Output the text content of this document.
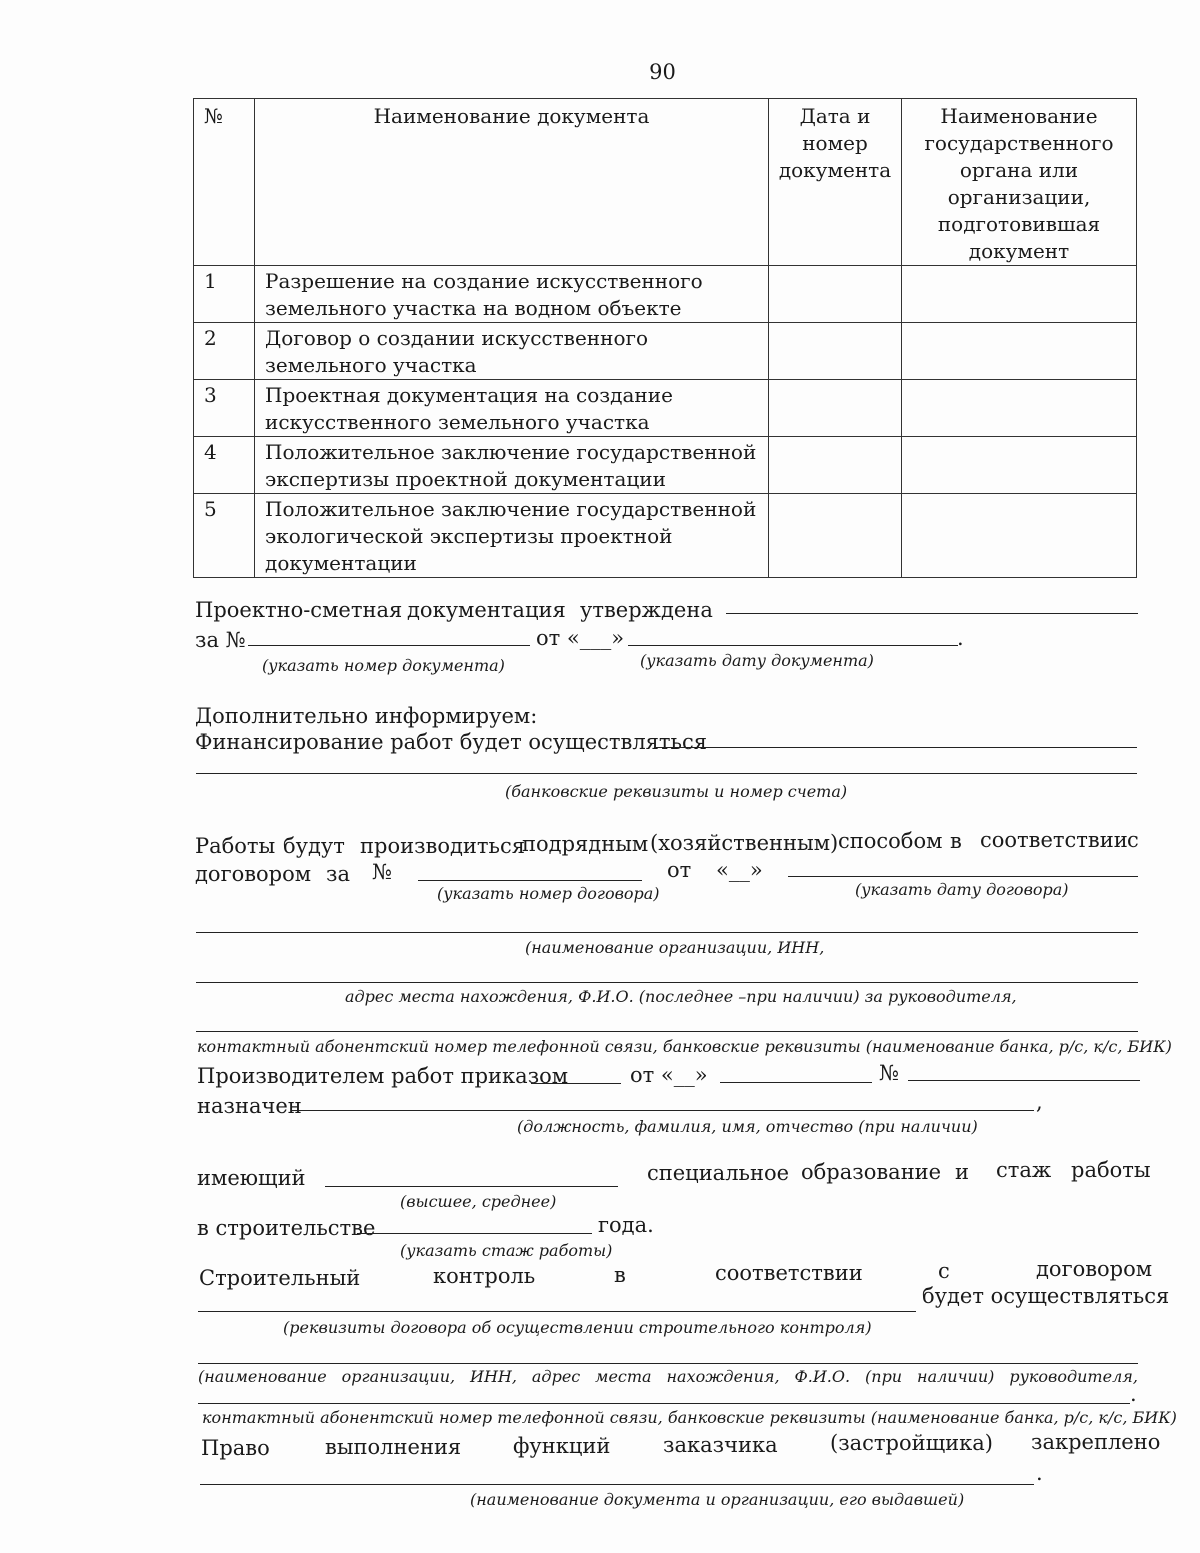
90
№	Наименование документа	Дата и номер документа	Наименование государственного органа или организации, подготовившая документ
1	Разрешение на создание искусственного земельного участка на водном объекте		
2	Договор о создании искусственного земельного участка		
3	Проектная документация на создание искусственного земельного участка		
4	Положительное заключение государственной экспертизы проектной документации		
5	Положительное заключение государственной экологической экспертизы проектной документации		
Проектно-сметная документация утверждена
за №	от «___»	.
(указать номер документа)	(указать дату документа)
Дополнительно информируем:
Финансирование работ будет осуществляться
(банковские реквизиты и номер счета)
Работы будут производиться
подрядным (хозяйственным) способом в соответствии с
договором за №	от «__»
(указать номер договора)	(указать дату договора)
(наименование организации, ИНН,
адрес места нахождения, Ф.И.О. (последнее –при наличии) за руководителя,
контактный абонентский номер телефонной связи, банковские реквизиты (наименование банка, р/с, к/с, БИК)
Производителем работ приказом	от «__»	№
назначен	,
(должность, фамилия, имя, отчество (при наличии)
имеющий	специальное образование и стаж работы
(высшее, среднее)
в строительстве	года.
(указать стаж работы)
Строительный	контроль	в	соответствии	с	договором
будет осуществляться
(реквизиты договора об осуществлении строительного контроля)
(наименование организации, ИНН, адрес места нахождения, Ф.И.О. (при наличии) руководителя,
.
контактный абонентский номер телефонной связи, банковские реквизиты (наименование банка, р/с, к/с, БИК)
Право	выполнения функций	заказчика (застройщика) закреплено
.
(наименование документа и организации, его выдавшей)
